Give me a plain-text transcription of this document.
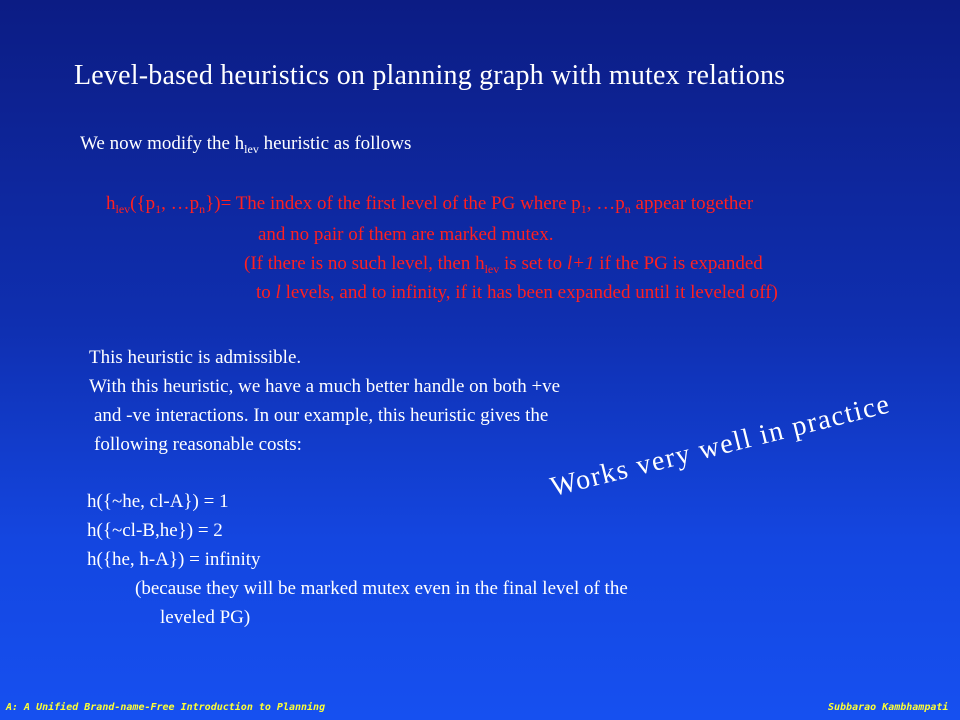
Level-based heuristics on planning graph with mutex relations
We now modify the $h_{lev}$ heuristic as follows
$h_{lev}(\{p_1$, $\dots p_n\})=$ The index of the first level of the PG where $p_1$, $\dots p_n$ appear together
and no pair of them are marked mutex.
(If there is no such level, then $h_{lev}$ is set to l+1 if the PG is expanded
to l levels, and to infinity, if it has been expanded until it leveled off)
This heuristic is admissible.
With this heuristic, we have a much better handle on both +ve
and -ve interactions. In our example, this heuristic gives the
following reasonable costs:
h({~he, cl-A}) = 1
h({~cl-B,he}) = 2
h({he, h-A}) = infinity
(because they will be marked mutex even in the final level of the
leveled PG)
Works very well in practice
A: A Unified Brand-name-Free Introduction to Planning	Subbarao Kambhampati
